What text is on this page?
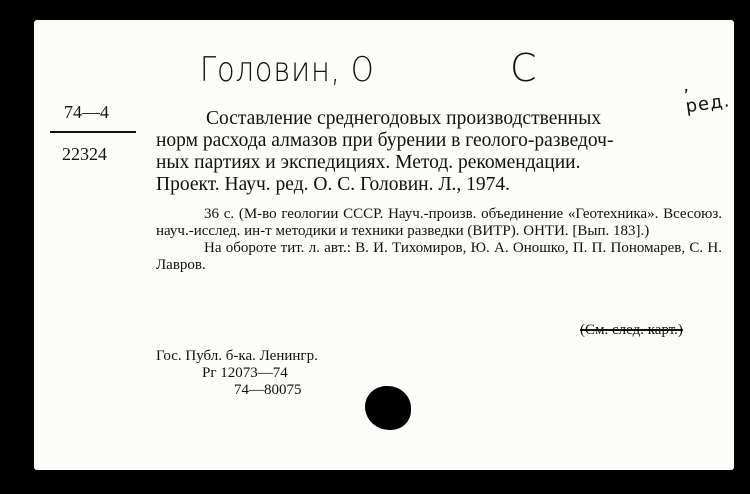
Головин, О	С	, ред.
74—4
22324
Составление среднегодовых производственных
норм расхода алмазов при бурении в геолого-разведоч-
ных партиях и экспедициях. Метод. рекомендации.
Проект. Науч. ред. О. С. Головин. Л., 1974.

36 с. (М-во геологии СССР. Науч.-произв. объединение «Геотехника». Всесоюз. науч.-исслед. ин-т методики и техники разведки (ВИТР). ОНТИ. [Вып. 183].)

На обороте тит. л. авт.: В. И. Тихомиров, Ю. А. Оношко, П. П. Пономарев, С. Н. Лавров.

(См. след. карт.)
Гос. Публ. б-ка. Ленингр.
Рг 12073—74
74—80075
